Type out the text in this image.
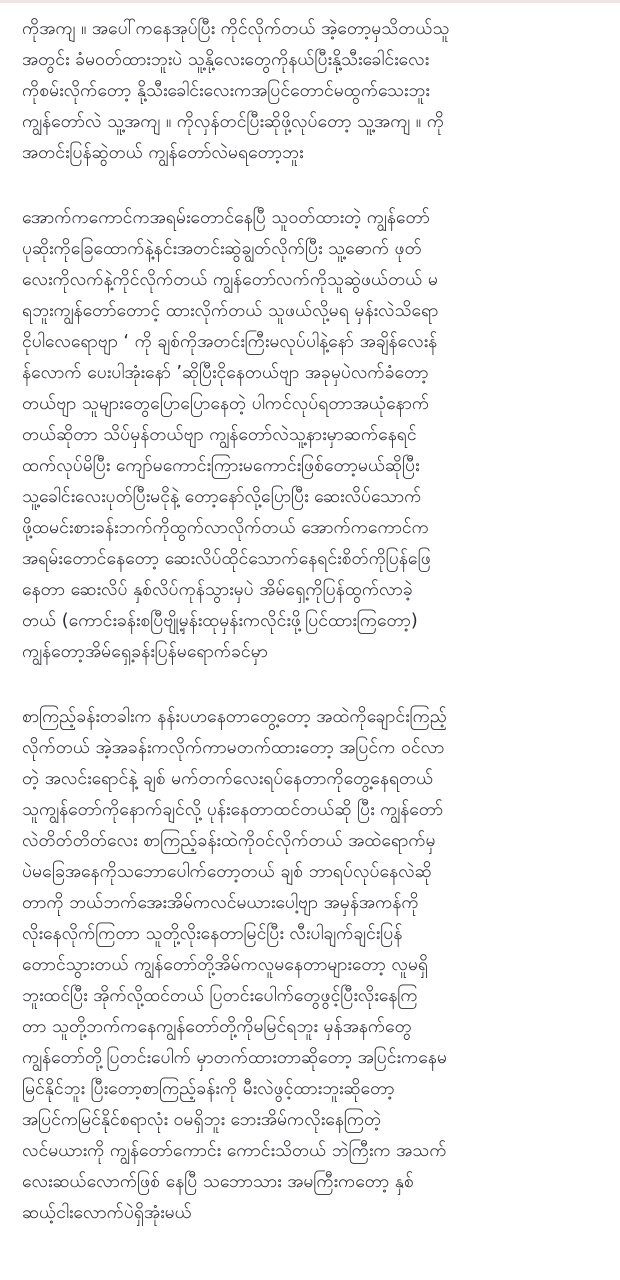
ကိုအကျ​ ။ အပေါ်ကနေအုပ်ပြီး ကိုင်လိုက်တယ် အဲ့တော့မှသိတယ်သူ
အတွင်း ခံမဝတ်ထားဘူးပဲ သူ့နို့လေးတွေကိုနယ်ပြီးနို့သီးခေါင်းလေး
ကိုစမ်းလိုက်တော့ နို့သီးခေါင်းလေးကအပြင်တောင်မထွက်သေးဘူး
ကျွန်တော်လဲ သူ့အကျ​ ။ ကိုလှန်တင်ပြီးဆိုဖို့လုပ်တော့ သူ့အကျ​ ။ ကို
အတင်းပြန်ဆွဲတယ် ကျွန်တော်လဲမရတော့ဘူး
အောက်ကကောင်ကအရမ်းတောင်နေပြီ သူဝတ်ထားတဲ့ ကျွန်တော်
ပုဆိုးကိုခြေထောက်နဲ့နင်းအတင်းဆွဲချွတ်လိုက်ပြီး သူ့ဓောက် ဖုတ်
လေးကိုလက်နဲ့ကိုင်လိုက်တယ် ကျွန်တော်လက်ကိုသူဆွဲဖယ်တယ် မ
ရဘူးကျွန်တော်တောင့် ထားလိုက်တယ် သူဖယ်လို့မရ မှန်းလဲသိရော
ငိုပါလေရောဗျာ ‘ ကို ချစ်ကိုအတင်းကြီးမလုပ်ပါနဲ့နော် အချိန်လေးန်
န်လောက် ပေးပါအုံးနော် ’ဆိုပြီးငိုနေတယ်ဗျာ အခုမှပဲလက်ခံတော့
တယ်ဗျာ သူများတွေပြောပြောနေတဲ့ ပါကင်လုပ်ရတာအယုံနောက်
တယ်ဆိုတာ သိပ်မှန်တယ်ဗျာ ကျွန်တော်လဲသူ့နားမှာဆက်နေရင်
ထက်လုပ်မိပြီး ကျော်မကောင်းကြားမကောင်းဖြစ်တော့မယ်ဆိုပြီး
သူ့ခေါင်းလေးပုတ်ပြီးမငိုနဲ့ တော့နော်လို့ပြောပြီး ဆေးလိပ်သောက်
ဖို့ထမင်းစားခန်းဘက်ကိုထွက်လာလိုက်တယ် အောက်ကကောင်က
အရမ်းတောင်နေတော့ ဆေးလိပ်ထိုင်သောက်နေရင်းစိတ်ကိုပြန်ဖြေ
နေတာ ဆေးလိပ် နှစ်လိပ်ကုန်သွားမှပဲ အိမ်ရှေ့ကိုပြန်ထွက်လာခဲ့
တယ် (ကောင်းခန်းစပြီဗျို့မှန်းထုမှန်းကလိုင်းဖို့ပြင်ထားကြတော့)
ကျွန်တော့အိမ်ရှေ့ခန်းပြန်မရောက်ခင်မှာ
စာကြည့်ခန်းတခါးက နန်းပဟနေတာတွေ့တော့ အထဲကိုချောင်းကြည့်
လိုက်တယ် အဲ့အခန်းကလိုက်ကာမတက်ထားတော့ အပြင်က ဝင်လာ
တဲ့ အလင်းရောင်နဲ့ ချစ် မက်တက်လေးရပ်နေတာကိုတွေ့နေရတယ်
သူကျွန်တော်ကိုနောက်ချင်လို့ ပုန်းနေတာထင်တယ်ဆို ပြီး ကျွန်တော်
လဲတိတ်တိတ်လေး စာကြည့်ခန်းထဲကိုဝင်လိုက်တယ် အထဲရောက်မှ
ပဲမခြေအနေကိုသဘောပေါက်တော့တယ် ချစ် ဘာရပ်လုပ်နေလဲဆို
တာကို ဘယ်ဘက်အေးအိမ်ကလင်မယားပေါ့ဗျာ အမှန်အကန်ကို
လိုးနေလိုက်ကြတာ သူတို့လိုးနေတာမြင်ပြီး လီးပါချက်ချင်းပြန်
တောင်သွားတယ် ကျွန်တော်တို့အိမ်ကလူမနေတာများတော့ လူမရှိ
ဘူးထင်ပြီး အိုက်လို့ထင်တယ် ပြတင်းပေါက်တွေဖွင့်ပြီးလိုးနေကြ
တာ သူတို့ဘက်ကနေကျွန်တော်တို့ကိုမမြင်ရဘူး မှန်အနက်တွေ
ကျွန်တော်တို့ပြတင်းပေါက် မှာတက်ထားတာဆိုတော့ အပြင်းကနေမ
မြင်နိုင်ဘူး ပြီးတော့စာကြည့်ခန်းကို မီးလဲဖွင့်ထားဘူးဆိုတော့
အပြင်ကမြင်နိုင်စရာလုံး ဝမရှိဘူး ဘေးအိမ်ကလိုးနေကြတဲ့
လင်မယားကို ကျွန်တော်ကောင်း ကောင်းသိတယ် ဘဲကြီးက အသက်
လေးဆယ်လောက်ဖြစ် နေပြီ သဘောသား အမကြီးကတော့ နှစ်
ဆယ့်ငါးလောက်ပဲရှိအုံးမယ်
